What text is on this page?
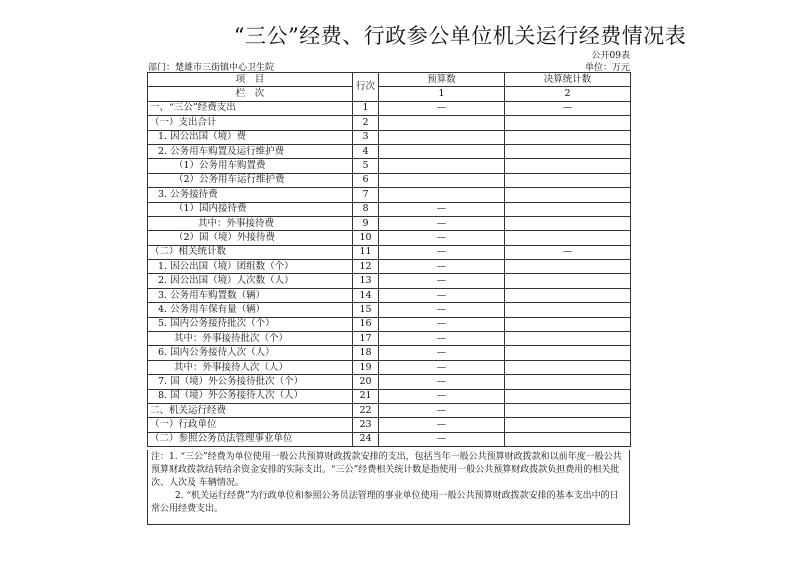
“三公”经费、行政参公单位机关运行经费情况表
公开09表
部门：楚雄市三街镇中心卫生院	单位：万元
项　目	行次	预算数	决算统计数
栏　次		1	2
一、“三公”经费支出	1	—	—
（一）支出合计	2		
1. 因公出国（境）费	3		
2. 公务用车购置及运行维护费	4		
（1）公务用车购置费	5		
（2）公务用车运行维护费	6		
3. 公务接待费	7		
（1）国内接待费	8	—	
其中：外事接待费	9	—	
（2）国（境）外接待费	10	—	
（二）相关统计数	11	—	—
1. 因公出国（境）团组数（个）	12	—	
2. 因公出国（境）人次数（人）	13	—	
3. 公务用车购置数（辆）	14	—	
4. 公务用车保有量（辆）	15	—	
5. 国内公务接待批次（个）	16	—	
其中：外事接待批次（个）	17	—	
6. 国内公务接待人次（人）	18	—	
其中：外事接待人次（人）	19	—	
7. 国（境）外公务接待批次（个）	20	—	
8. 国（境）外公务接待人次（人）	21	—	
二、机关运行经费	22	—	
（一）行政单位	23	—	
（二）参照公务员法管理事业单位	24	—	

注：1. “三公”经费为单位使用一般公共预算财政拨款安排的支出，包括当年一般公共预算财政拨款和以前年度一般公共预算财政拨款结转结余资金安排的实际支出。“三公”经费相关统计数是指使用一般公共预算财政拨款负担费用的相关批次、人次及 车辆情况。

2. “机关运行经费”为行政单位和参照公务员法管理的事业单位使用一般公共预算财政拨款安排的基本支出中的日常公用经费支出。
